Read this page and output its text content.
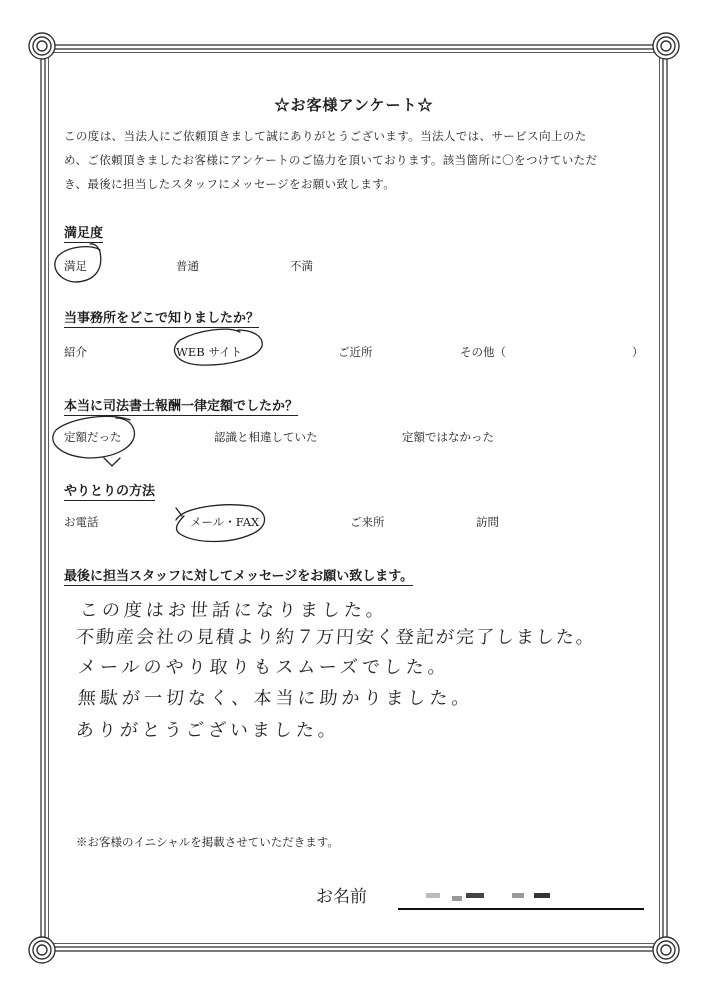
☆お客様アンケート☆
この度は、当法人にご依頼頂きまして誠にありがとうございます。当法人では、サービス向上のた
め、ご依頼頂きましたお客様にアンケートのご協力を頂いております。該当箇所に〇をつけていただ
き、最後に担当したスタッフにメッセージをお願い致します。
満足度
満足	普通	不満
当事務所をどこで知りましたか？
紹介	WEB サイト	ご近所	その他（	）
本当に司法書士報酬一律定額でしたか？
定額だった	認識と相違していた	定額ではなかった
やりとりの方法
お電話	メール・FAX	ご来所	訪問
最後に担当スタッフに対してメッセージをお願い致します。
この度はお世話になりました。
不動産会社の見積より約７万円安く登記が完了しました。
メールのやり取りもスムーズでした。
無駄が一切なく、本当に助かりました。
ありがとうございました。
※お客様のイニシャルを掲載させていただきます。
お名前
